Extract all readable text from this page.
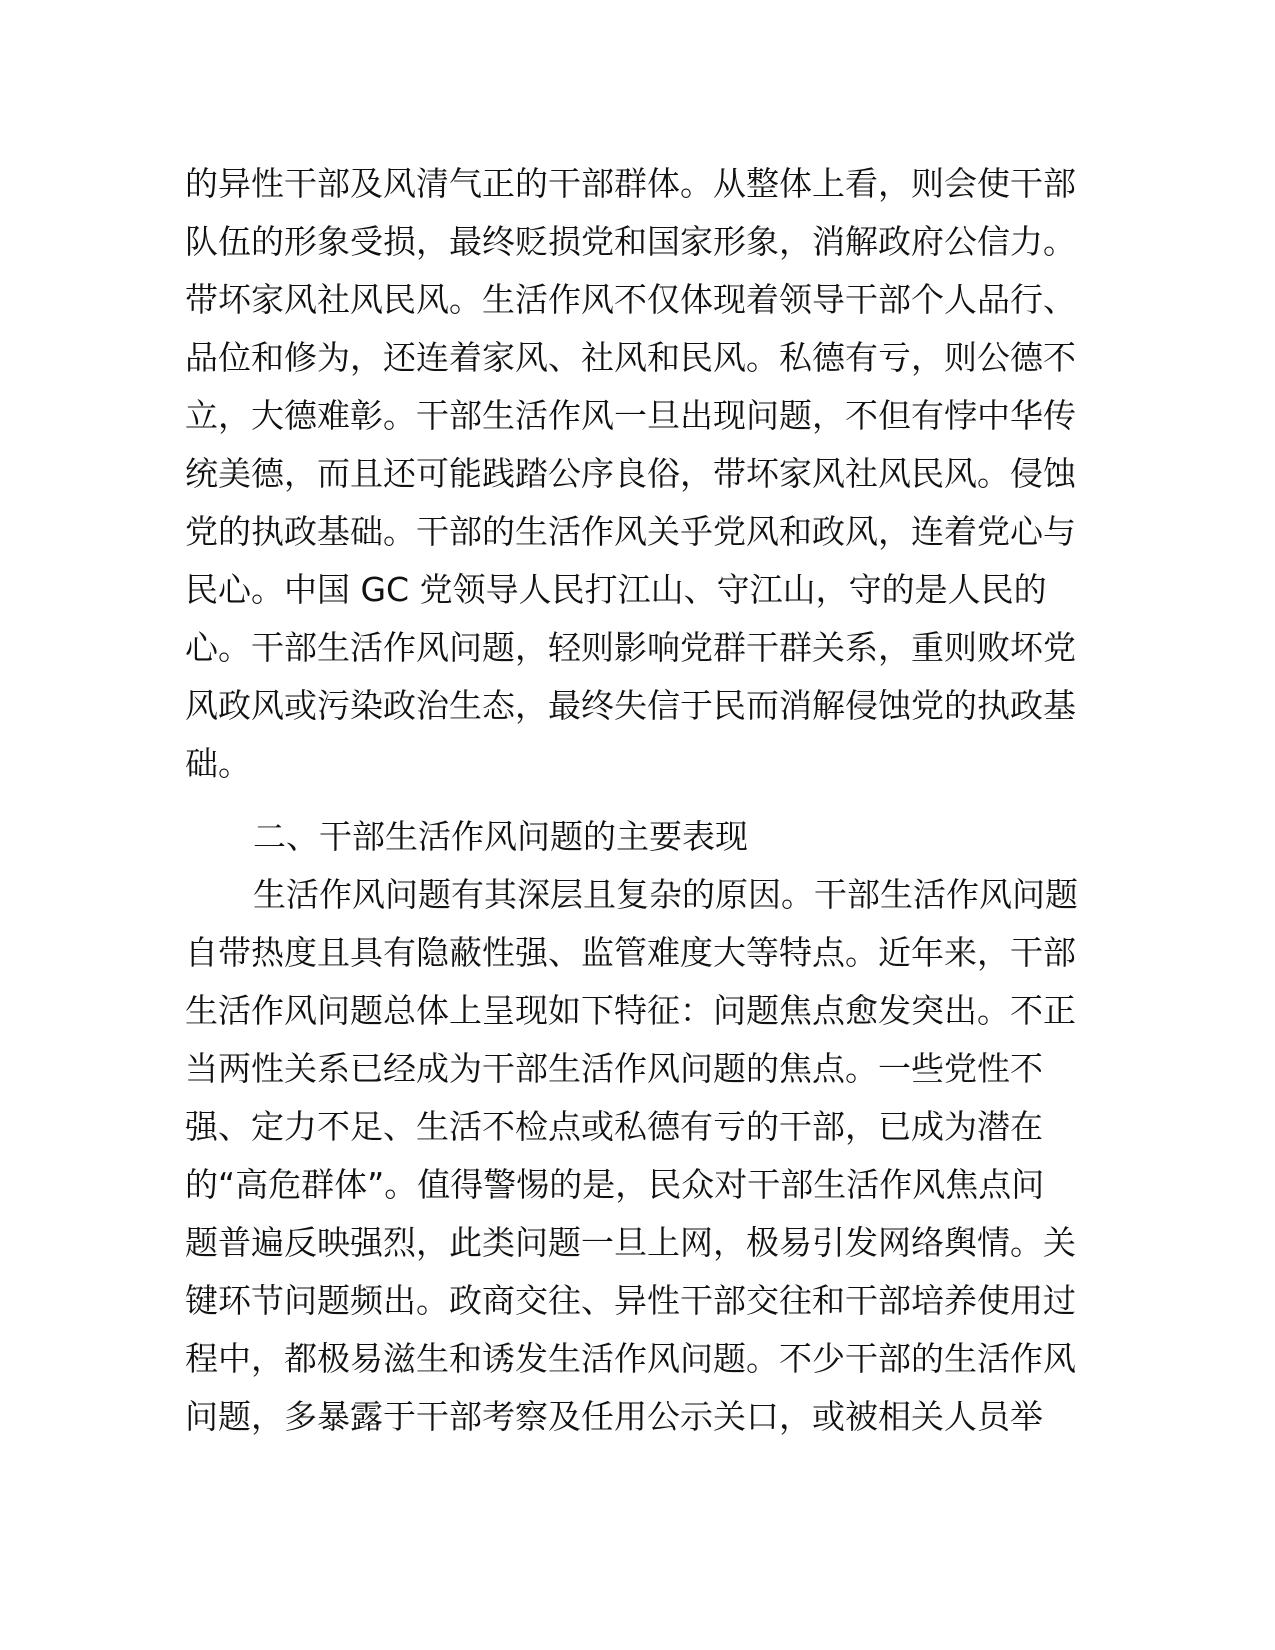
的异性干部及风清气正的干部群体。从整体上看，则会使干部
队伍的形象受损，最终贬损党和国家形象，消解政府公信力。
带坏家风社风民风。生活作风不仅体现着领导干部个人品行、
品位和修为，还连着家风、社风和民风。私德有亏，则公德不
立，大德难彰。干部生活作风一旦出现问题，不但有悖中华传
统美德，而且还可能践踏公序良俗，带坏家风社风民风。侵蚀
党的执政基础。干部的生活作风关乎党风和政风，连着党心与
民心。中国 GC 党领导人民打江山、守江山，守的是人民的
心。干部生活作风问题，轻则影响党群干群关系，重则败坏党
风政风或污染政治生态，最终失信于民而消解侵蚀党的执政基
础。
二、干部生活作风问题的主要表现
生活作风问题有其深层且复杂的原因。干部生活作风问题
自带热度且具有隐蔽性强、监管难度大等特点。近年来，干部
生活作风问题总体上呈现如下特征：问题焦点愈发突出。不正
当两性关系已经成为干部生活作风问题的焦点。一些党性不
强、定力不足、生活不检点或私德有亏的干部，已成为潜在
的“高危群体”。值得警惕的是，民众对干部生活作风焦点问
题普遍反映强烈，此类问题一旦上网，极易引发网络舆情。关
键环节问题频出。政商交往、异性干部交往和干部培养使用过
程中，都极易滋生和诱发生活作风问题。不少干部的生活作风
问题，多暴露于干部考察及任用公示关口，或被相关人员举
